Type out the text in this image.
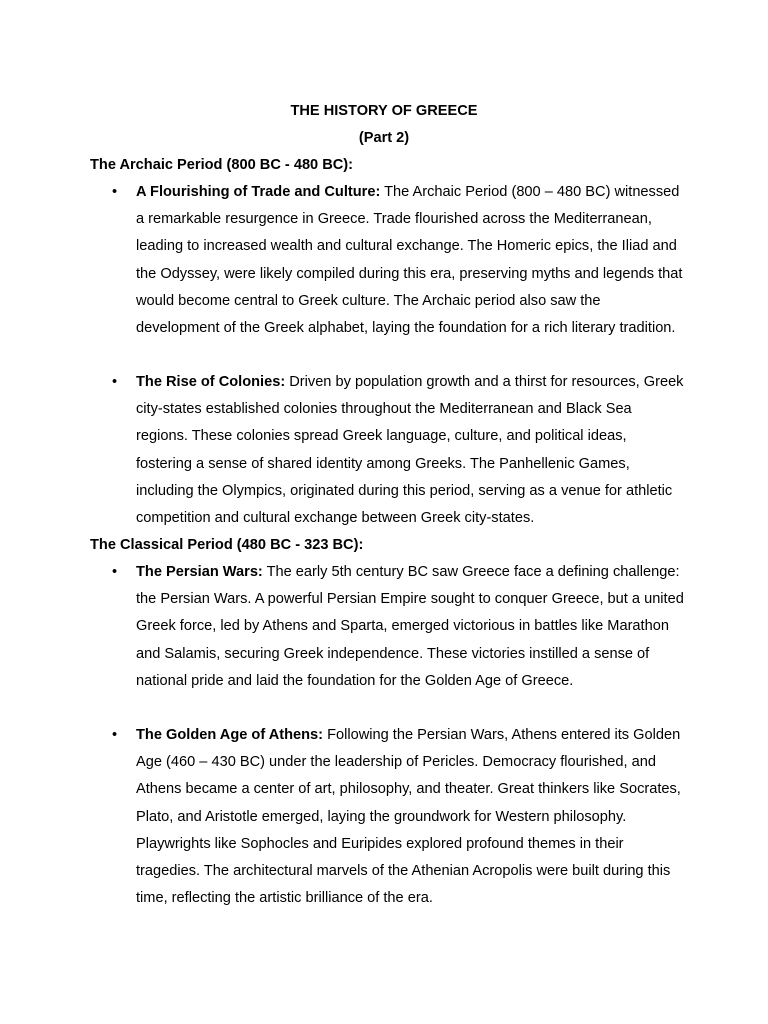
THE HISTORY OF GREECE
(Part 2)
The Archaic Period (800 BC - 480 BC):
• A Flourishing of Trade and Culture: The Archaic Period (800 – 480 BC) witnessed a remarkable resurgence in Greece. Trade flourished across the Mediterranean, leading to increased wealth and cultural exchange. The Homeric epics, the Iliad and the Odyssey, were likely compiled during this era, preserving myths and legends that would become central to Greek culture. The Archaic period also saw the development of the Greek alphabet, laying the foundation for a rich literary tradition.

• The Rise of Colonies: Driven by population growth and a thirst for resources, Greek city-states established colonies throughout the Mediterranean and Black Sea regions. These colonies spread Greek language, culture, and political ideas, fostering a sense of shared identity among Greeks. The Panhellenic Games, including the Olympics, originated during this period, serving as a venue for athletic competition and cultural exchange between Greek city-states.

The Classical Period (480 BC - 323 BC):
• The Persian Wars: The early 5th century BC saw Greece face a defining challenge: the Persian Wars. A powerful Persian Empire sought to conquer Greece, but a united Greek force, led by Athens and Sparta, emerged victorious in battles like Marathon and Salamis, securing Greek independence. These victories instilled a sense of national pride and laid the foundation for the Golden Age of Greece.

• The Golden Age of Athens: Following the Persian Wars, Athens entered its Golden Age (460 – 430 BC) under the leadership of Pericles. Democracy flourished, and Athens became a center of art, philosophy, and theater. Great thinkers like Socrates, Plato, and Aristotle emerged, laying the groundwork for Western philosophy. Playwrights like Sophocles and Euripides explored profound themes in their tragedies. The architectural marvels of the Athenian Acropolis were built during this time, reflecting the artistic brilliance of the era.
